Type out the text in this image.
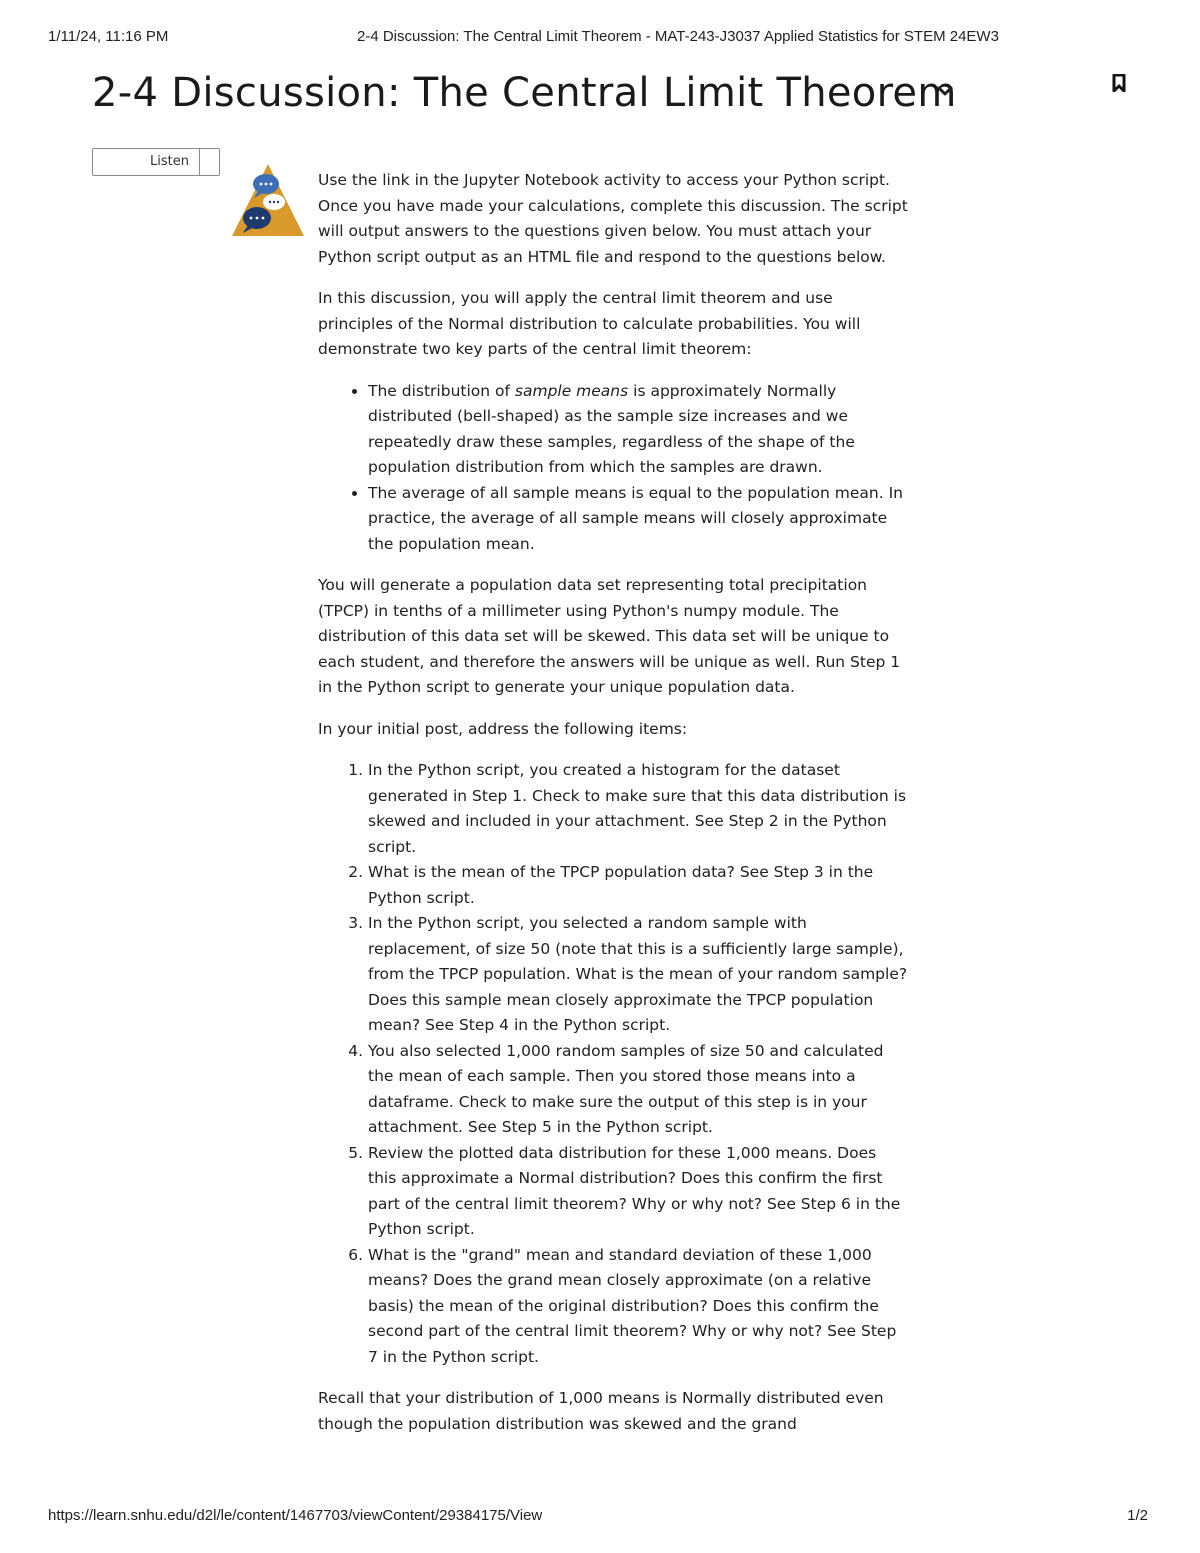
1/11/24, 11:16 PM	2-4 Discussion: The Central Limit Theorem - MAT-243-J3037 Applied Statistics for STEM 24EW3
2-4 Discussion: The Central Limit Theorem
Listen

Use the link in the Jupyter Notebook activity to access your Python script. Once you have made your calculations, complete this discussion. The script will output answers to the questions given below. You must attach your Python script output as an HTML file and respond to the questions below.

In this discussion, you will apply the central limit theorem and use principles of the Normal distribution to calculate probabilities. You will demonstrate two key parts of the central limit theorem:

• The distribution of sample means is approximately Normally distributed (bell-shaped) as the sample size increases and we repeatedly draw these samples, regardless of the shape of the population distribution from which the samples are drawn.
• The average of all sample means is equal to the population mean. In practice, the average of all sample means will closely approximate the population mean.

You will generate a population data set representing total precipitation (TPCP) in tenths of a millimeter using Python's numpy module. The distribution of this data set will be skewed. This data set will be unique to each student, and therefore the answers will be unique as well. Run Step 1 in the Python script to generate your unique population data.

In your initial post, address the following items:

1. In the Python script, you created a histogram for the dataset generated in Step 1. Check to make sure that this data distribution is skewed and included in your attachment. See Step 2 in the Python script.
2. What is the mean of the TPCP population data? See Step 3 in the Python script.
3. In the Python script, you selected a random sample with replacement, of size 50 (note that this is a sufficiently large sample), from the TPCP population. What is the mean of your random sample? Does this sample mean closely approximate the TPCP population mean? See Step 4 in the Python script.
4. You also selected 1,000 random samples of size 50 and calculated the mean of each sample. Then you stored those means into a dataframe. Check to make sure the output of this step is in your attachment. See Step 5 in the Python script.
5. Review the plotted data distribution for these 1,000 means. Does this approximate a Normal distribution? Does this confirm the first part of the central limit theorem? Why or why not? See Step 6 in the Python script.
6. What is the "grand" mean and standard deviation of these 1,000 means? Does the grand mean closely approximate (on a relative basis) the mean of the original distribution? Does this confirm the second part of the central limit theorem? Why or why not? See Step 7 in the Python script.

Recall that your distribution of 1,000 means is Normally distributed even though the population distribution was skewed and the grand

https://learn.snhu.edu/d2l/le/content/1467703/viewContent/29384175/View	1/2
